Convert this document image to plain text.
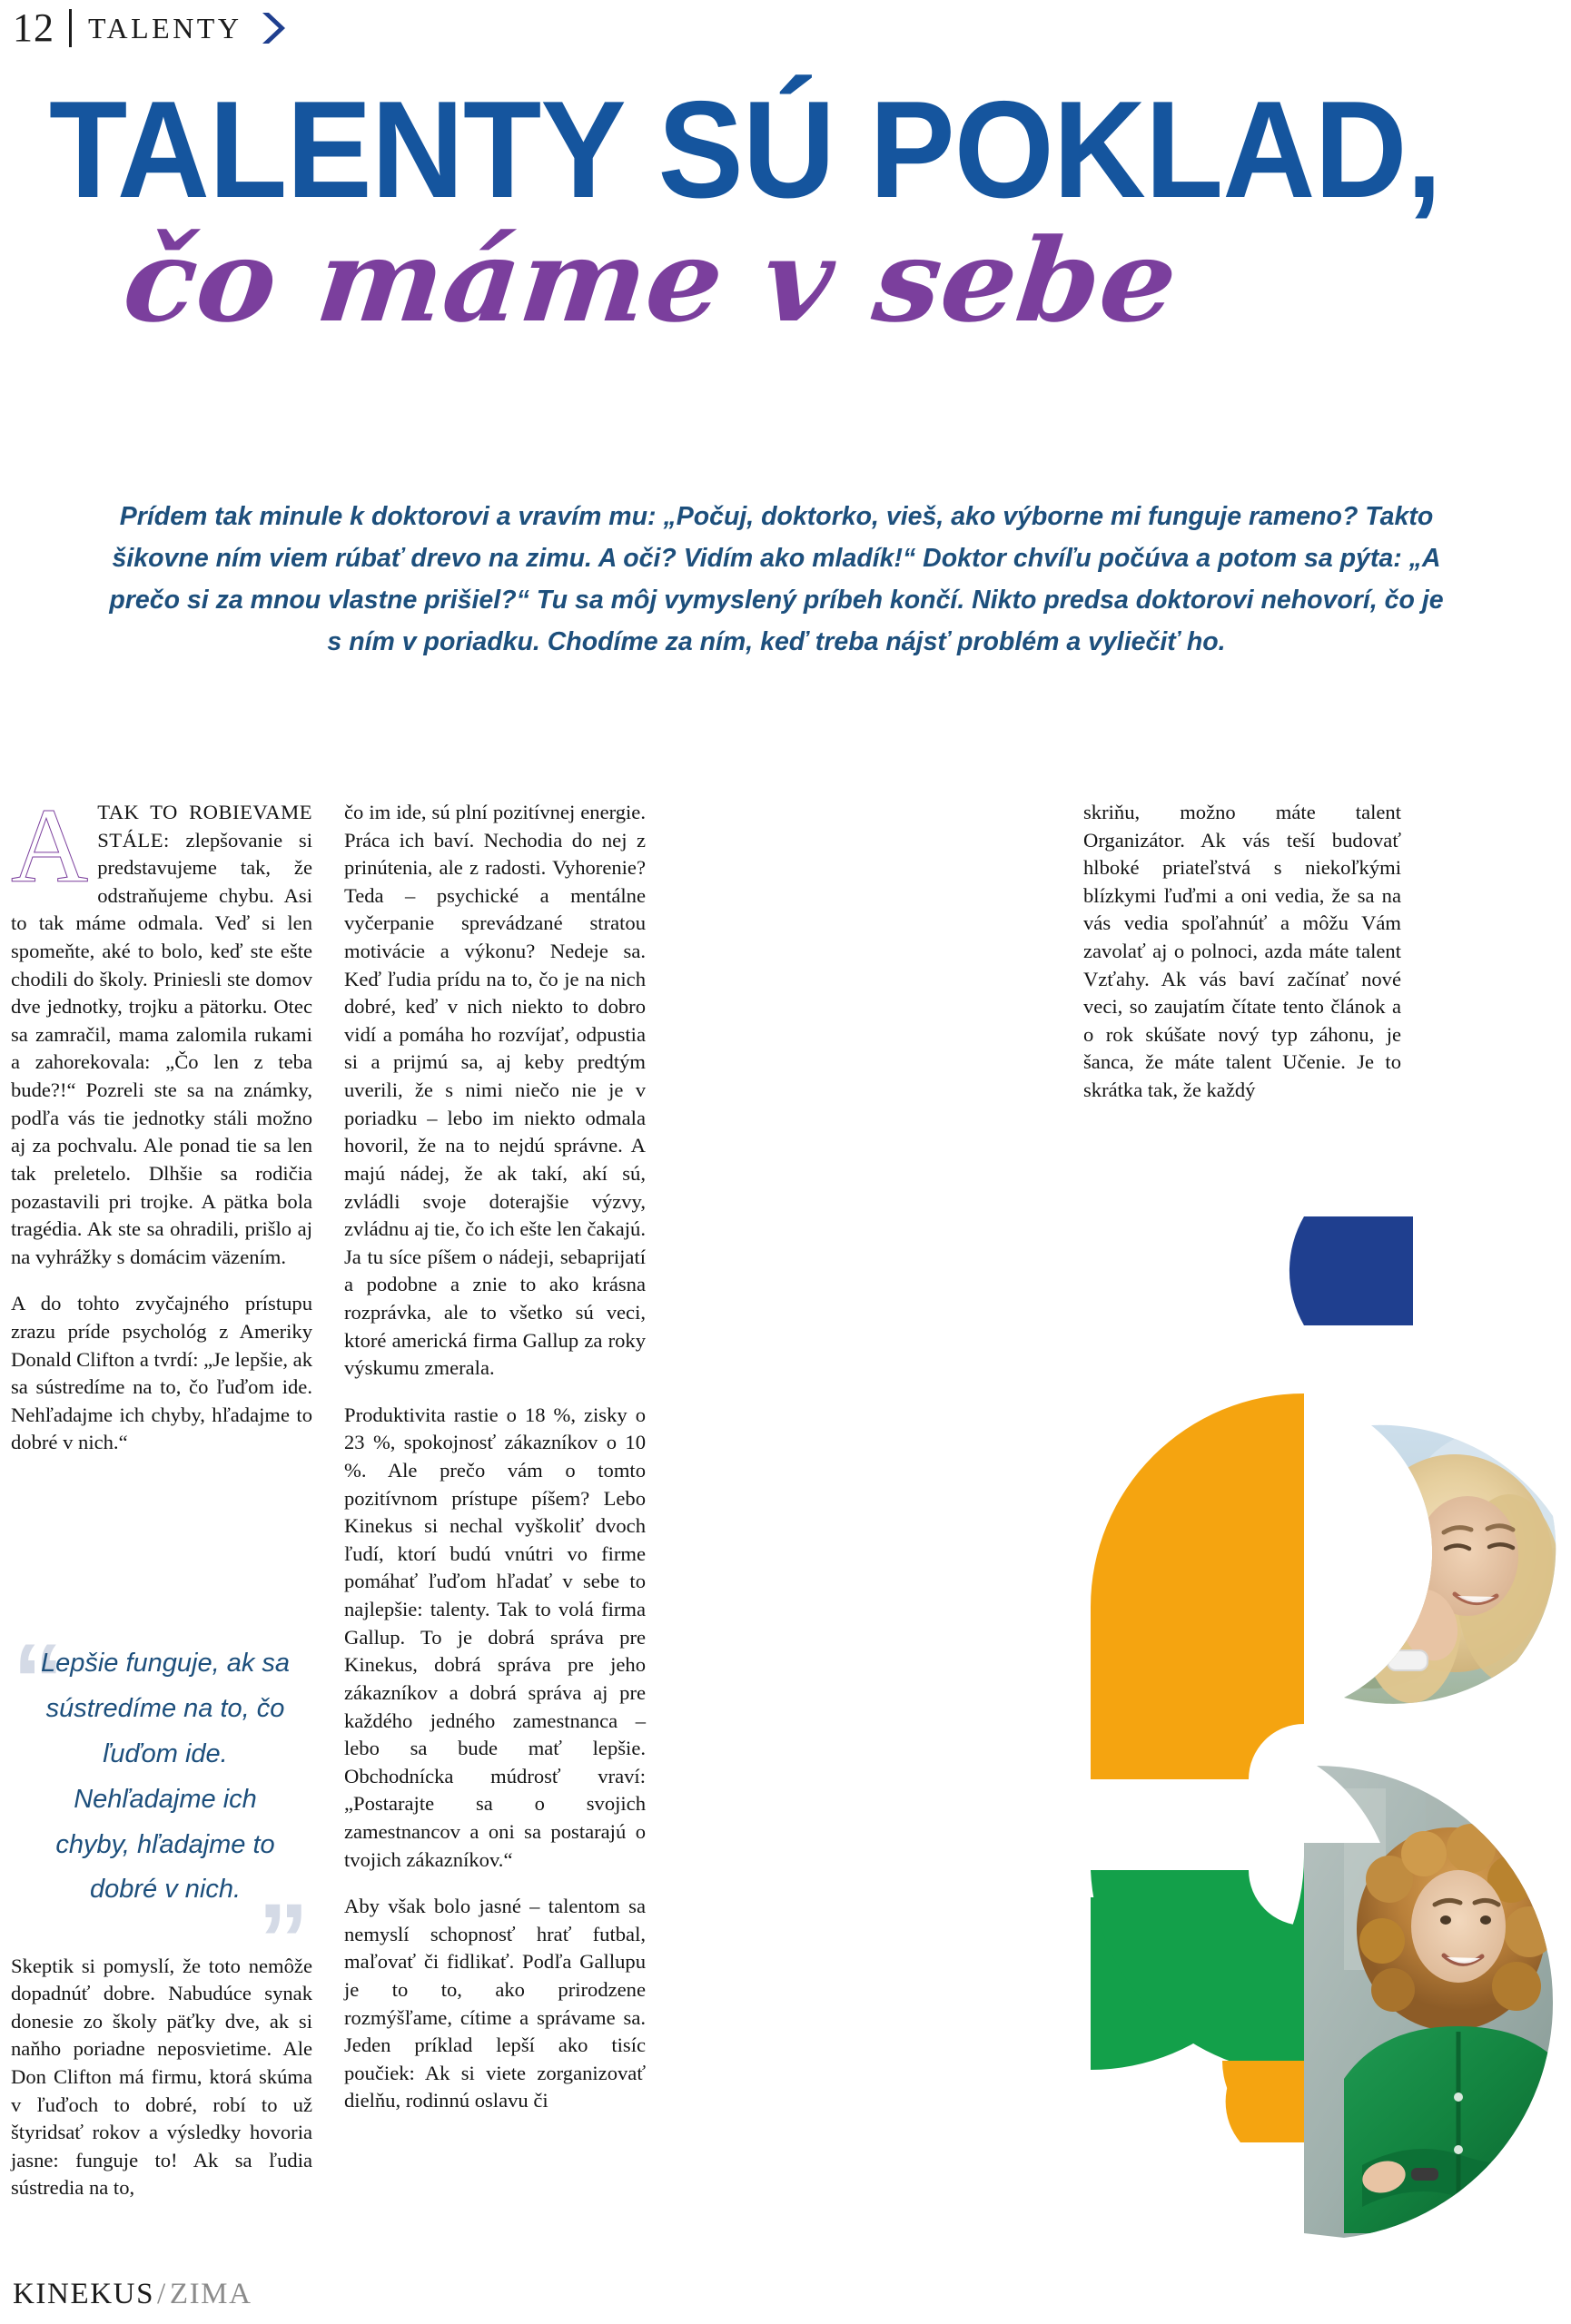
12 TALENTY
TALENTY SÚ POKLAD,
čo máme v sebe
Prídem tak minule k doktorovi a vravím mu: „Počuj, doktorko, vieš, ako výborne mi funguje rameno? Takto šikovne ním viem rúbať drevo na zimu. A oči? Vidím ako mladík!“ Doktor chvíľu počúva a potom sa pýta: „A prečo si za mnou vlastne prišiel?“ Tu sa môj vymyslený príbeh končí. Nikto predsa doktorovi nehovorí, čo je s ním v poriadku. Chodíme za ním, keď treba nájsť problém a vyliečiť ho.

ATAK TO ROBIEVAME STÁLE: zlepšovanie si predstavujeme tak, že odstraňujeme chybu. Asi to tak máme odmala. Veď si len spomeňte, aké to bolo, keď ste ešte chodili do školy. Priniesli ste domov dve jednotky, trojku a pätorku. Otec sa zamračil, mama zalomila rukami a zahorekovala: „Čo len z teba bude?!“ Pozreli ste sa na známky, podľa vás tie jednotky stáli možno aj za pochvalu. Ale ponad tie sa len tak preletelo. Dlhšie sa rodičia pozastavili pri trojke. A pätka bola tragédia. Ak ste sa ohradili, prišlo aj na vyhrážky s domácim väzením.

A do tohto zvyčajného prístupu zrazu príde psychológ z Ameriky Donald Clifton a tvrdí: „Je lepšie, ak sa sústredíme na to, čo ľuďom ide. Nehľadajme ich chyby, hľadajme to dobré v nich.“

”
Lepšie funguje, ak sa sústredíme na to, čo ľuďom ide. Nehľadajme ich chyby, hľadajme to dobré v nich. ”

Skeptik si pomyslí, že toto nemôže dopadnúť dobre. Nabudúce synak donesie zo školy päťky dve, ak si naňho poriadne neposvietime. Ale Don Clifton má firmu, ktorá skúma v ľuďoch to dobré, robí to už štyridsať rokov a výsledky hovoria jasne: funguje to! Ak sa ľudia sústredia na to,

čo im ide, sú plní pozitívnej energie. Práca ich baví. Nechodia do nej z prinútenia, ale z radosti. Vyhorenie? Teda – psychické a mentálne vyčerpanie sprevádzané stratou motivácie a výkonu? Nedeje sa. Keď ľudia prídu na to, čo je na nich dobré, keď v nich niekto to dobro vidí a pomáha ho rozvíjať, odpustia si a prijmú sa, aj keby predtým uverili, že s nimi niečo nie je v poriadku – lebo im niekto odmala hovoril, že na to nejdú správne. A majú nádej, že ak takí, akí sú, zvládli svoje doterajšie výzvy, zvládnu aj tie, čo ich ešte len čakajú. Ja tu síce píšem o nádeji, sebaprijatí a podobne a znie to ako krásna rozprávka, ale to všetko sú veci, ktoré americká firma Gallup za roky výskumu zmerala.

Produktivita rastie o 18 %, zisky o 23 %, spokojnosť zákazníkov o 10 %. Ale prečo vám o tomto pozitívnom prístupe píšem? Lebo Kinekus si nechal vyškoliť dvoch ľudí, ktorí budú vnútri vo firme pomáhať ľuďom hľadať v sebe to najlepšie: talenty. Tak to volá firma Gallup. To je dobrá správa pre Kinekus, dobrá správa pre jeho zákazníkov a dobrá správa aj pre každého jedného zamestnanca – lebo sa bude mať lepšie. Obchodnícka múdrosť vraví: „Postarajte sa o svojich zamestnancov a oni sa postarajú o tvojich zákazníkov.“

Aby však bolo jasné – talentom sa nemyslí schopnosť hrať futbal, maľovať či fidlikať. Podľa Gallupu je to to, ako prirodzene rozmýšľame, cítime a správame sa. Jeden príklad lepší ako tisíc poučiek: Ak si viete zorganizovať dielňu, rodinnú oslavu či

skriňu, možno máte talent Organizátor. Ak vás teší budovať hlboké priateľstvá s niekoľkými blízkymi ľuďmi a oni vedia, že sa na vás vedia spoľahnúť a môžu Vám zavolať aj o polnoci, azda máte talent Vzťahy. Ak vás baví začínať nové veci, so zaujatím čítate tento článok a o rok skúšate nový typ záhonu, je šanca, že máte talent Učenie. Je to skrátka tak, že každý

KINEKUS/ZIMA
